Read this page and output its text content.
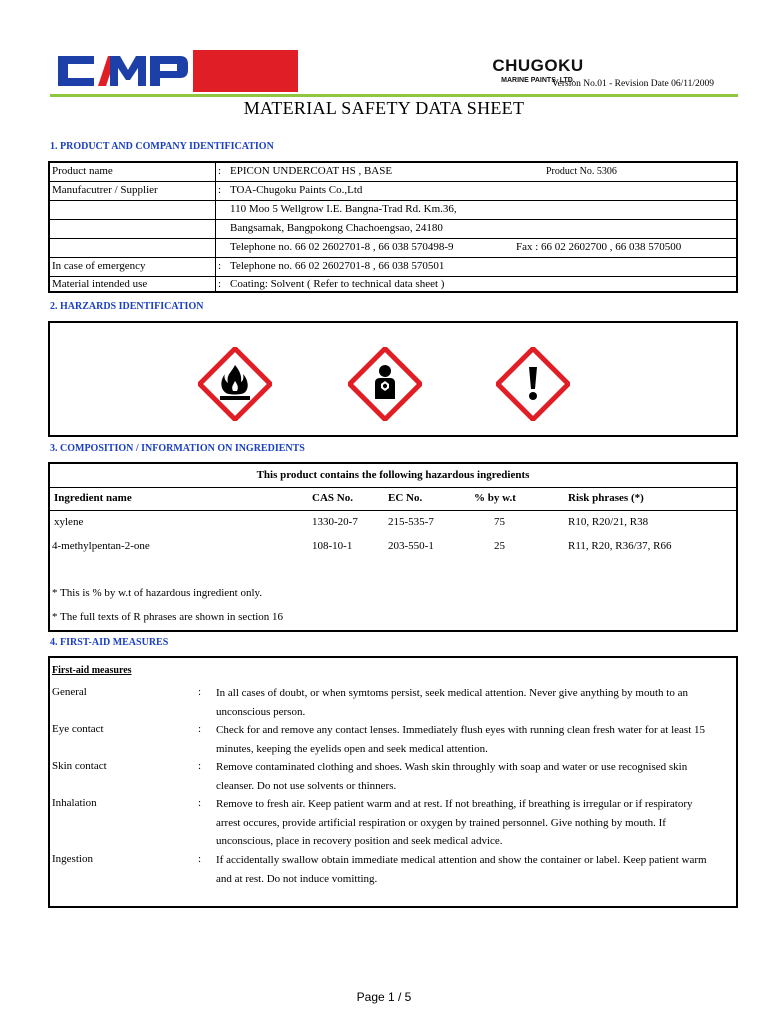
CHUGOKU
MARINE PAINTS, LTD.
Version No.01 - Revision Date 06/11/2009
MATERIAL SAFETY DATA SHEET
1. PRODUCT AND COMPANY IDENTIFICATION
Product name	: EPICON UNDERCOAT HS , BASE	Product No. 5306
Manufacutrer / Supplier	: TOA-Chugoku Paints Co.,Ltd
110 Moo 5 Wellgrow I.E. Bangna-Trad Rd. Km.36,
Bangsamak, Bangpokong Chachoengsao, 24180
Telephone no. 66 02 2602701-8 , 66 038 570498-9	Fax : 66 02 2602700 , 66 038 570500
In case of emergency	: Telephone no. 66 02 2602701-8 , 66 038 570501
Material intended use	: Coating: Solvent ( Refer to technical data sheet )
2. HARZARDS IDENTIFICATION
3. COMPOSITION / INFORMATION ON INGREDIENTS
This product contains the following hazardous ingredients
Ingredient name	CAS No.	EC No.	% by w.t	Risk phrases (*)
xylene	1330-20-7	215-535-7	75	R10, R20/21, R38
4-methylpentan-2-one	108-10-1	203-550-1	25	R11, R20, R36/37, R66
* This is % by w.t of hazardous ingredient only.
* The full texts of R phrases are shown in section 16
4. FIRST-AID MEASURES
First-aid measures
General	: In all cases of doubt, or when symtoms persist, seek medical attention. Never give anything by mouth to an unconscious person.
Eye contact	: Check for and remove any contact lenses. Immediately flush eyes with running clean fresh water for at least 15 minutes, keeping the eyelids open and seek medical attention.
Skin contact	: Remove contaminated clothing and shoes. Wash skin throughly with soap and water or use recognised skin cleanser. Do not use solvents or thinners.
Inhalation	: Remove to fresh air. Keep patient warm and at rest. If not breathing, if breathing is irregular or if respiratory arrest occures, provide artificial respiration or oxygen by trained personnel. Give nothing by mouth. If unconscious, place in recovery position and seek medical advice.
Ingestion	: If accidentally swallow obtain immediate medical attention and show the container or label. Keep patient warm and at rest. Do not induce vomitting.
Page 1 / 5
